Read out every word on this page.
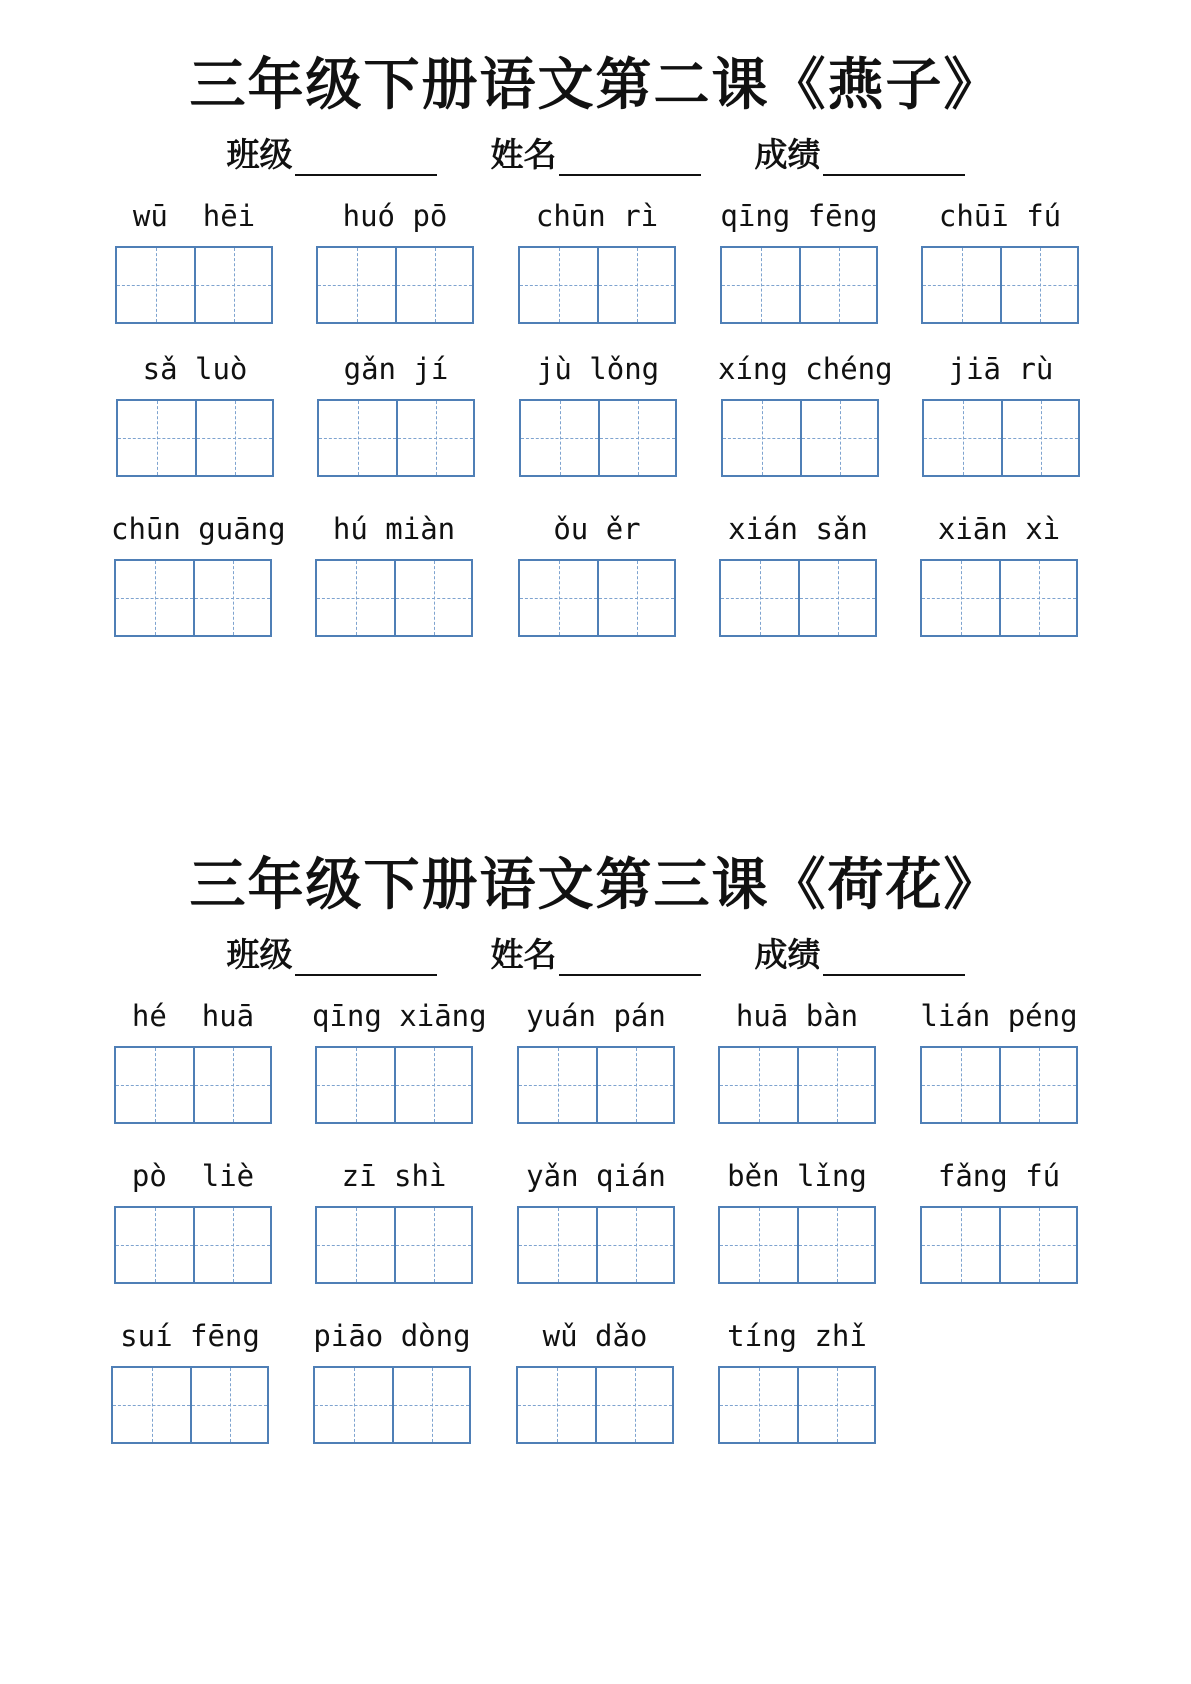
三年级下册语文第二课《燕子》
班级	姓名	成绩
wū  hēi	huó pō	chūn rì	qīng fēng	chūī fú
sǎ luò	gǎn jí	jù lǒng	xíng chéng	jiā rù
chūn guāng	hú miàn	ǒu ěr	xián sǎn	xiān xì
三年级下册语文第三课《荷花》
班级	姓名	成绩
hé  huā	qīng xiāng	yuán pán	huā bàn	lián péng
pò  liè	zī shì	yǎn qián	běn lǐng	fǎng fú
suí fēng	piāo dòng	wǔ dǎo	tíng zhǐ
